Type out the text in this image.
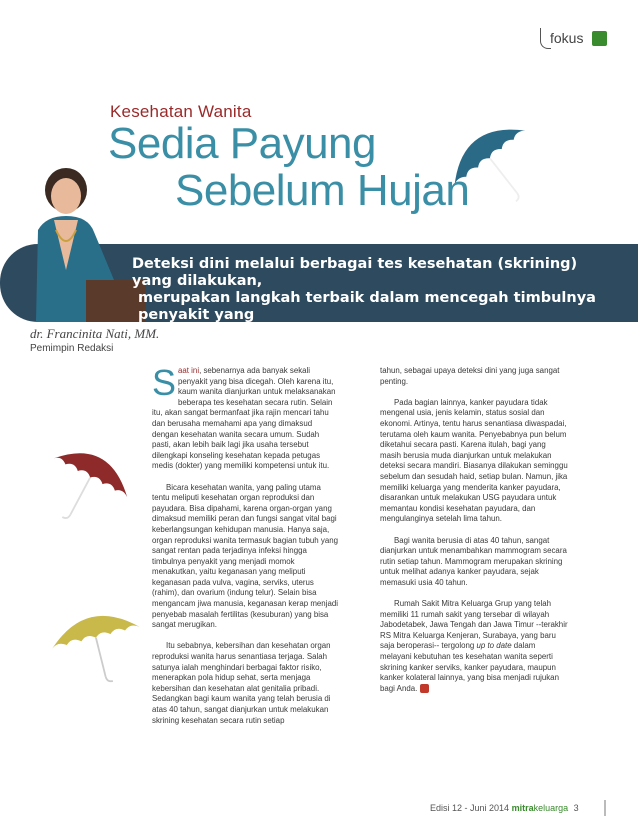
fokus
Kesehatan Wanita
Sedia Payung
Sebelum Hujan
Deteksi dini melalui berbagai tes kesehatan (skrining) yang dilakukan,
merupakan langkah terbaik dalam mencegah timbulnya penyakit yang
bisa sangat merugikan kaum wanita.
dr. Francinita Nati, MM.
Pemimpin Redaksi

Saat ini, sebenarnya ada banyak sekali penyakit yang bisa dicegah. Oleh karena itu, kaum wanita dianjurkan untuk melaksanakan beberapa tes kesehatan secara rutin. Selain itu, akan sangat bermanfaat jika rajin mencari tahu dan berusaha memahami apa yang dimaksud dengan kesehatan wanita secara umum. Sudah pasti, akan lebih baik lagi jika usaha tersebut dilengkapi konseling kesehatan kepada petugas medis (dokter) yang memiliki kompetensi untuk itu.

Bicara kesehatan wanita, yang paling utama tentu meliputi kesehatan organ reproduksi dan payudara. Bisa dipahami, karena organ-organ yang dimaksud memiliki peran dan fungsi sangat vital bagi keberlangsungan kehidupan manusia. Hanya saja, organ reproduksi wanita termasuk bagian tubuh yang sangat rentan pada terjadinya infeksi hingga timbulnya penyakit yang menjadi momok menakutkan, yaitu keganasan yang meliputi keganasan pada vulva, vagina, serviks, uterus (rahim), dan ovarium (indung telur). Selain bisa mengancam jiwa manusia, keganasan kerap menjadi penyebab masalah fertilitas (kesuburan) yang bisa sangat merugikan.

Itu sebabnya, kebersihan dan kesehatan organ reproduksi wanita harus senantiasa terjaga. Salah satunya ialah menghindari berbagai faktor risiko, menerapkan pola hidup sehat, serta menjaga kebersihan dan kesehatan alat genitalia pribadi. Sedangkan bagi kaum wanita yang telah berusia di atas 40 tahun, sangat dianjurkan untuk melakukan skrining kesehatan secara rutin setiap

tahun, sebagai upaya deteksi dini yang juga sangat penting.

Pada bagian lainnya, kanker payudara tidak mengenal usia, jenis kelamin, status sosial dan ekonomi. Artinya, tentu harus senantiasa diwaspadai, terutama oleh kaum wanita. Penyebabnya pun belum diketahui secara pasti. Karena itulah, bagi yang masih berusia muda dianjurkan untuk melakukan deteksi secara mandiri. Biasanya dilakukan seminggu sebelum dan sesudah haid, setiap bulan. Namun, jika memiliki keluarga yang menderita kanker payudara, disarankan untuk melakukan USG payudara untuk memantau kondisi kesehatan payudara, dan mengulanginya setelah lima tahun.

Bagi wanita berusia di atas 40 tahun, sangat dianjurkan untuk menambahkan mammogram secara rutin setiap tahun. Mammogram merupakan skrining untuk melihat adanya kanker payudara, sejak memasuki usia 40 tahun.

Rumah Sakit Mitra Keluarga Grup yang telah memiliki 11 rumah sakit yang tersebar di wilayah Jabodetabek, Jawa Tengah dan Jawa Timur --terakhir RS Mitra Keluarga Kenjeran, Surabaya, yang baru saja beroperasi-- tergolong up to date dalam melayani kebutuhan tes kesehatan wanita seperti skrining kanker serviks, kanker payudara, maupun kanker kolateral lainnya, yang bisa menjadi rujukan bagi Anda.

Edisi 12 - Juni 2014 mitrakeluarga 3
